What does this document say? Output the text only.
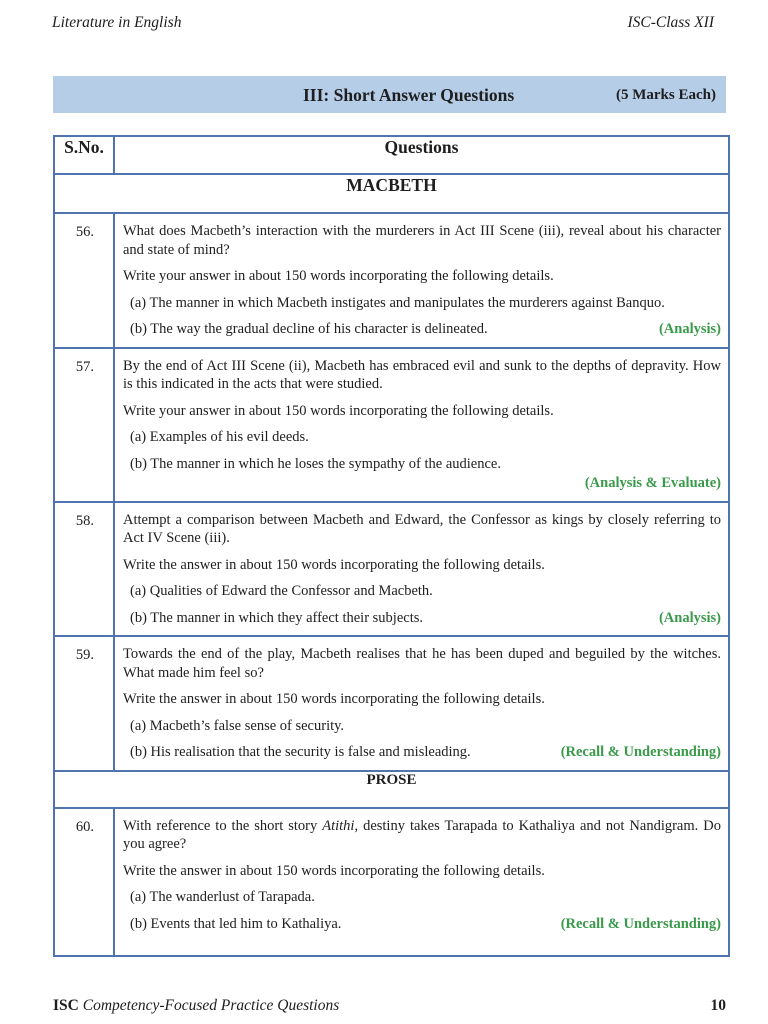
Literature in English	ISC-Class XII
III: Short Answer Questions	(5 Marks Each)
S.No.	Questions
MACBETH	
56.	What does Macbeth’s interaction with the murderers in Act III Scene (iii), reveal about his character and state of mind?

Write your answer in about 150 words incorporating the following details.

(a) The manner in which Macbeth instigates and manipulates the murderers against Banquo.

(b) The way the gradual decline of his character is delineated. (Analysis)

57.	By the end of Act III Scene (ii), Macbeth has embraced evil and sunk to the depths of depravity. How is this indicated in the acts that were studied.

Write your answer in about 150 words incorporating the following details.

(a) Examples of his evil deeds.

(b) The manner in which he loses the sympathy of the audience.

(Analysis & Evaluate)

58.	Attempt a comparison between Macbeth and Edward, the Confessor as kings by closely referring to Act IV Scene (iii).

Write the answer in about 150 words incorporating the following details.

(a) Qualities of Edward the Confessor and Macbeth.

(b) The manner in which they affect their subjects. (Analysis)

59.	Towards the end of the play, Macbeth realises that he has been duped and beguiled by the witches. What made him feel so?

Write the answer in about 150 words incorporating the following details.

(a) Macbeth’s false sense of security.

(b) His realisation that the security is false and misleading. (Recall & Understanding)

PROSE	
60.	With reference to the short story Atithi, destiny takes Tarapada to Kathaliya and not Nandigram. Do you agree?

Write the answer in about 150 words incorporating the following details.

(a) The wanderlust of Tarapada.

(b) Events that led him to Kathaliya. (Recall & Understanding)

ISC Competency-Focused Practice Questions	10
